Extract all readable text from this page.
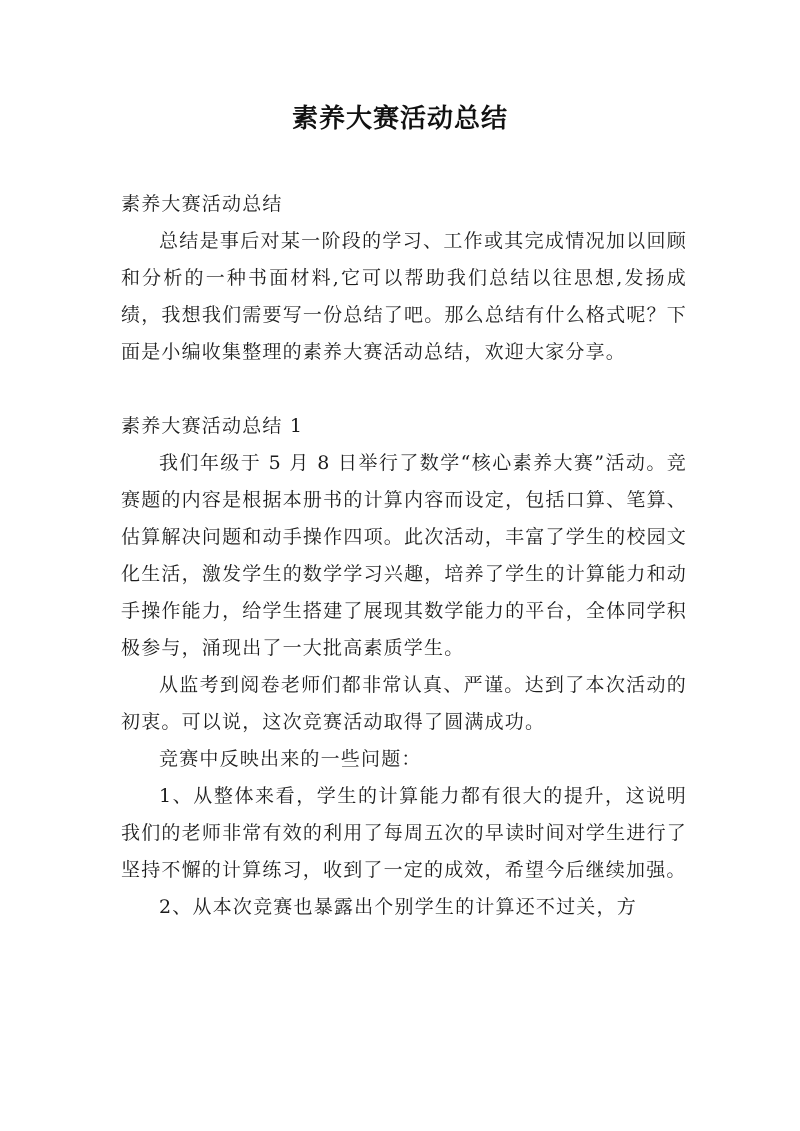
素养大赛活动总结
素养大赛活动总结

总结是事后对某一阶段的学习、工作或其完成情况加以回顾和分析的一种书面材料,它可以帮助我们总结以往思想,发扬成绩，我想我们需要写一份总结了吧。那么总结有什么格式呢？下面是小编收集整理的素养大赛活动总结，欢迎大家分享。

素养大赛活动总结 1

我们年级于 5 月 8 日举行了数学“核心素养大赛”活动。竞赛题的内容是根据本册书的计算内容而设定，包括口算、笔算、估算解决问题和动手操作四项。此次活动，丰富了学生的校园文化生活，激发学生的数学学习兴趣，培养了学生的计算能力和动手操作能力，给学生搭建了展现其数学能力的平台，全体同学积极参与，涌现出了一大批高素质学生。

从监考到阅卷老师们都非常认真、严谨。达到了本次活动的初衷。可以说，这次竞赛活动取得了圆满成功。

竞赛中反映出来的一些问题：

1、从整体来看，学生的计算能力都有很大的提升，这说明我们的老师非常有效的利用了每周五次的早读时间对学生进行了坚持不懈的计算练习，收到了一定的成效，希望今后继续加强。

2、从本次竞赛也暴露出个别学生的计算还不过关，方
